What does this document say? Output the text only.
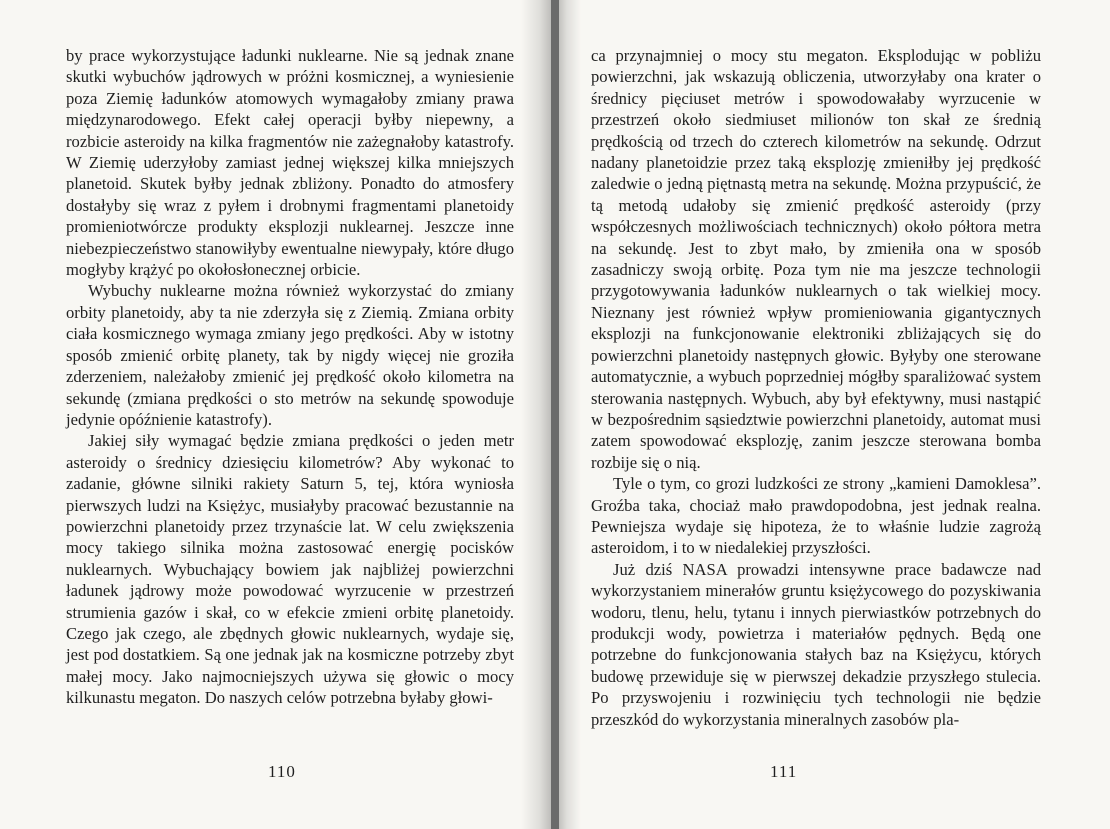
by prace wykorzystujące ładunki nuklearne. Nie są jednak znane skutki wybuchów jądrowych w próżni kosmicznej, a wyniesienie poza Ziemię ładunków atomowych wymagałoby zmiany prawa międzynarodowego. Efekt całej operacji byłby niepewny, a rozbicie asteroidy na kilka fragmentów nie zażegnałoby katastrofy. W Ziemię uderzyłoby zamiast jednej większej kilka mniejszych planetoid. Skutek byłby jednak zbliżony. Ponadto do atmosfery dostałyby się wraz z pyłem i drobnymi fragmentami planetoidy promieniotwórcze produkty eksplozji nuklearnej. Jeszcze inne niebezpieczeństwo stanowiłyby ewentualne niewypały, które długo mogłyby krążyć po okołosłonecznej orbicie.

Wybuchy nuklearne można również wykorzystać do zmiany orbity planetoidy, aby ta nie zderzyła się z Ziemią. Zmiana orbity ciała kosmicznego wymaga zmiany jego prędkości. Aby w istotny sposób zmienić orbitę planety, tak by nigdy więcej nie groziła zderzeniem, należałoby zmienić jej prędkość około kilometra na sekundę (zmiana prędkości o sto metrów na sekundę spowoduje jedynie opóźnienie katastrofy).

Jakiej siły wymagać będzie zmiana prędkości o jeden metr asteroidy o średnicy dziesięciu kilometrów? Aby wykonać to zadanie, główne silniki rakiety Saturn 5, tej, która wyniosła pierwszych ludzi na Księżyc, musiałyby pracować bezustannie na powierzchni planetoidy przez trzynaście lat. W celu zwiększenia mocy takiego silnika można zastosować energię pocisków nuklearnych. Wybuchający bowiem jak najbliżej powierzchni ładunek jądrowy może powodować wyrzucenie w przestrzeń strumienia gazów i skał, co w efekcie zmieni orbitę planetoidy. Czego jak czego, ale zbędnych głowic nuklearnych, wydaje się, jest pod dostatkiem. Są one jednak jak na kosmiczne potrzeby zbyt małej mocy. Jako najmocniejszych używa się głowic o mocy kilkunastu megaton. Do naszych celów potrzebna byłaby głowi-

110

ca przynajmniej o mocy stu megaton. Eksplodując w pobliżu powierzchni, jak wskazują obliczenia, utworzyłaby ona krater o średnicy pięciuset metrów i spowodowałaby wyrzucenie w przestrzeń około siedmiuset milionów ton skał ze średnią prędkością od trzech do czterech kilometrów na sekundę. Odrzut nadany planetoidzie przez taką eksplozję zmieniłby jej prędkość zaledwie o jedną piętnastą metra na sekundę. Można przypuścić, że tą metodą udałoby się zmienić prędkość asteroidy (przy współczesnych możliwościach technicznych) około półtora metra na sekundę. Jest to zbyt mało, by zmieniła ona w sposób zasadniczy swoją orbitę. Poza tym nie ma jeszcze technologii przygotowywania ładunków nuklearnych o tak wielkiej mocy. Nieznany jest również wpływ promieniowania gigantycznych eksplozji na funkcjonowanie elektroniki zbliżających się do powierzchni planetoidy następnych głowic. Byłyby one sterowane automatycznie, a wybuch poprzedniej mógłby sparaliżować system sterowania następnych. Wybuch, aby był efektywny, musi nastąpić w bezpośrednim sąsiedztwie powierzchni planetoidy, automat musi zatem spowodować eksplozję, zanim jeszcze sterowana bomba rozbije się o nią.

Tyle o tym, co grozi ludzkości ze strony „kamieni Damoklesa”. Groźba taka, chociaż mało prawdopodobna, jest jednak realna. Pewniejsza wydaje się hipoteza, że to właśnie ludzie zagrożą asteroidom, i to w niedalekiej przyszłości.

Już dziś NASA prowadzi intensywne prace badawcze nad wykorzystaniem minerałów gruntu księżycowego do pozyskiwania wodoru, tlenu, helu, tytanu i innych pierwiastków potrzebnych do produkcji wody, powietrza i materiałów pędnych. Będą one potrzebne do funkcjonowania stałych baz na Księżycu, których budowę przewiduje się w pierwszej dekadzie przyszłego stulecia. Po przyswojeniu i rozwinięciu tych technologii nie będzie przeszkód do wykorzystania mineralnych zasobów pla-

111
